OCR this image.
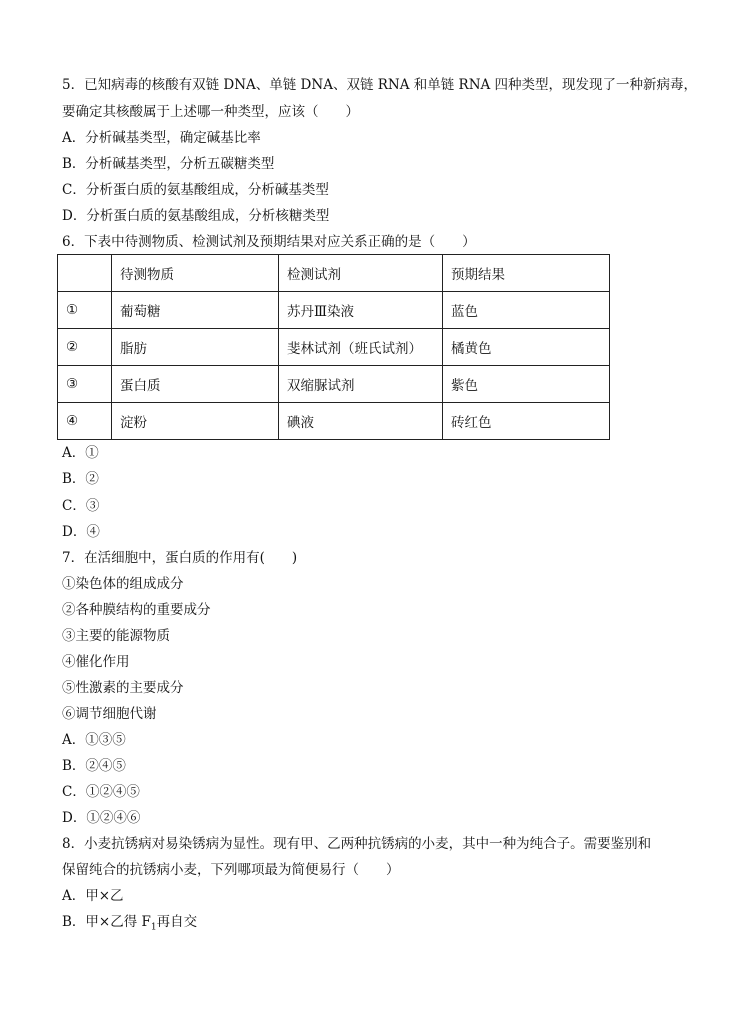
5．已知病毒的核酸有双链 DNA、单链 DNA、双链 RNA 和单链 RNA 四种类型，现发现了一种新病毒，
要确定其核酸属于上述哪一种类型，应该（　　）
A．分析碱基类型，确定碱基比率
B．分析碱基类型，分析五碳糖类型
C．分析蛋白质的氨基酸组成，分析碱基类型
D．分析蛋白质的氨基酸组成，分析核糖类型
6．下表中待测物质、检测试剂及预期结果对应关系正确的是（　　）
	待测物质	检测试剂	预期结果
①	葡萄糖	苏丹Ⅲ染液	蓝色
②	脂肪	斐林试剂（班氏试剂）	橘黄色
③	蛋白质	双缩脲试剂	紫色
④	淀粉	碘液	砖红色
A．①
B．②
C．③
D．④
7．在活细胞中，蛋白质的作用有(　　)
①染色体的组成成分
②各种膜结构的重要成分
③主要的能源物质
④催化作用
⑤性激素的主要成分
⑥调节细胞代谢
A．①③⑤
B．②④⑤
C．①②④⑤
D．①②④⑥
8．小麦抗锈病对易染锈病为显性。现有甲、乙两种抗锈病的小麦，其中一种为纯合子。需要鉴别和
保留纯合的抗锈病小麦，下列哪项最为简便易行（　　）
A．甲×乙
B．甲×乙得 $F_1$再自交
